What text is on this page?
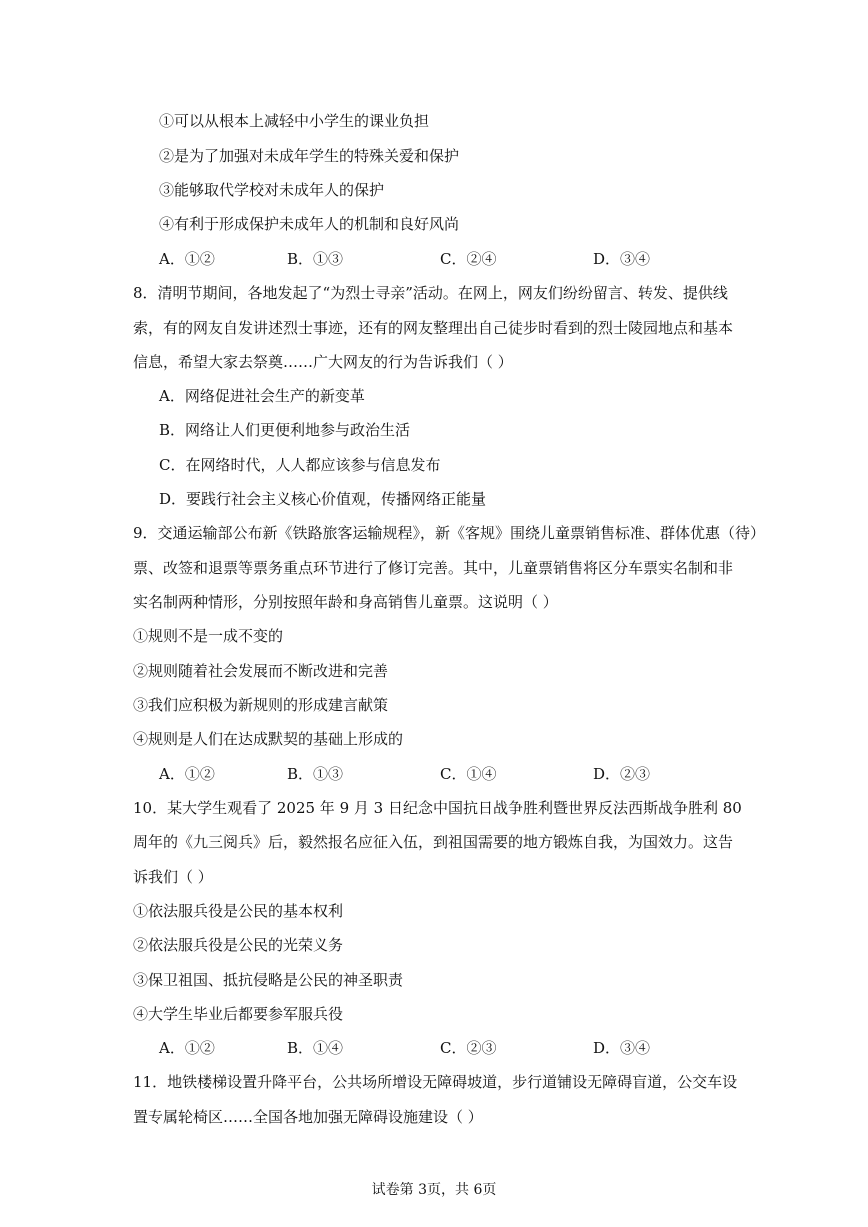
①可以从根本上减轻中小学生的课业负担
②是为了加强对未成年学生的特殊关爱和保护
③能够取代学校对未成年人的保护
④有利于形成保护未成年人的机制和良好风尚
A．①②	B．①③	C．②④	D．③④
8．清明节期间，各地发起了“为烈士寻亲”活动。在网上，网友们纷纷留言、转发、提供线
索，有的网友自发讲述烈士事迹，还有的网友整理出自己徒步时看到的烈士陵园地点和基本
信息，希望大家去祭奠……广大网友的行为告诉我们（ ）
A．网络促进社会生产的新变革
B．网络让人们更便利地参与政治生活
C．在网络时代，人人都应该参与信息发布
D．要践行社会主义核心价值观，传播网络正能量
9．交通运输部公布新《铁路旅客运输规程》，新《客规》围绕儿童票销售标准、群体优惠（待）
票、改签和退票等票务重点环节进行了修订完善。其中，儿童票销售将区分车票实名制和非
实名制两种情形，分别按照年龄和身高销售儿童票。这说明（ ）
①规则不是一成不变的
②规则随着社会发展而不断改进和完善
③我们应积极为新规则的形成建言献策
④规则是人们在达成默契的基础上形成的
A．①②	B．①③	C．①④	D．②③
10．某大学生观看了 2025 年 9 月 3 日纪念中国抗日战争胜利暨世界反法西斯战争胜利 80
周年的《九三阅兵》后，毅然报名应征入伍，到祖国需要的地方锻炼自我，为国效力。这告
诉我们（ ）
①依法服兵役是公民的基本权利
②依法服兵役是公民的光荣义务
③保卫祖国、抵抗侵略是公民的神圣职责
④大学生毕业后都要参军服兵役
A．①②	B．①④	C．②③	D．③④
11．地铁楼梯设置升降平台，公共场所增设无障碍坡道，步行道铺设无障碍盲道，公交车设
置专属轮椅区……全国各地加强无障碍设施建设（ ）
试卷第 3页，共 6页
